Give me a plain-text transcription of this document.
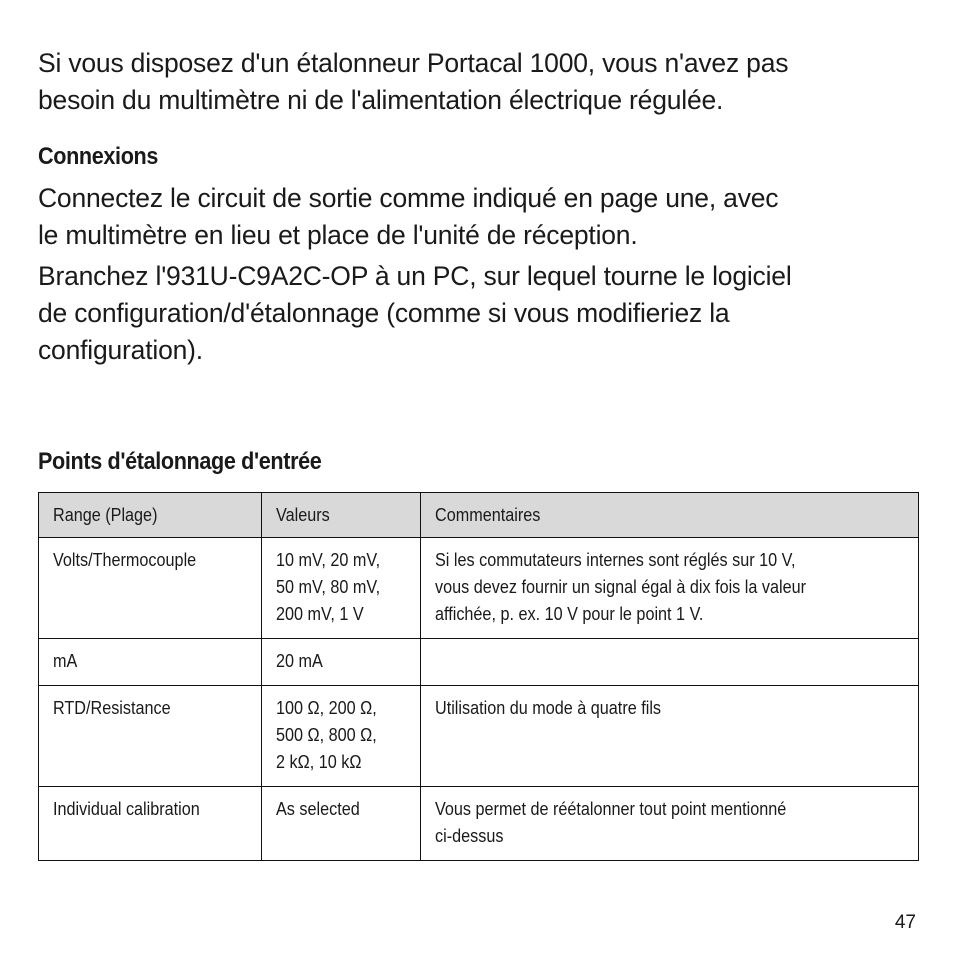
Si vous disposez d'un étalonneur Portacal 1000, vous n'avez pas
besoin du multimètre ni de l'alimentation électrique régulée.

Connexions

Connectez le circuit de sortie comme indiqué en page une, avec
le multimètre en lieu et place de l'unité de réception.

Branchez l'931U-C9A2C-OP à un PC, sur lequel tourne le logiciel
de configuration/d'étalonnage (comme si vous modifieriez la
configuration).

Points d'étalonnage d'entrée
Range (Plage)	Valeurs	Commentaires

Volts/Thermocouple	10 mV, 20 mV,
50 mV, 80 mV,
200 mV, 1 V	Si les commutateurs internes sont réglés sur 10 V,
vous devez fournir un signal égal à dix fois la valeur
affichée, p. ex. 10 V pour le point 1 V.

mA	20 mA	

RTD/Resistance	100 Ω, 200 Ω,
500 Ω, 800 Ω,
2 kΩ, 10 kΩ	Utilisation du mode à quatre fils

Individual calibration	As selected	Vous permet de réétalonner tout point mentionné
ci-dessus
47
